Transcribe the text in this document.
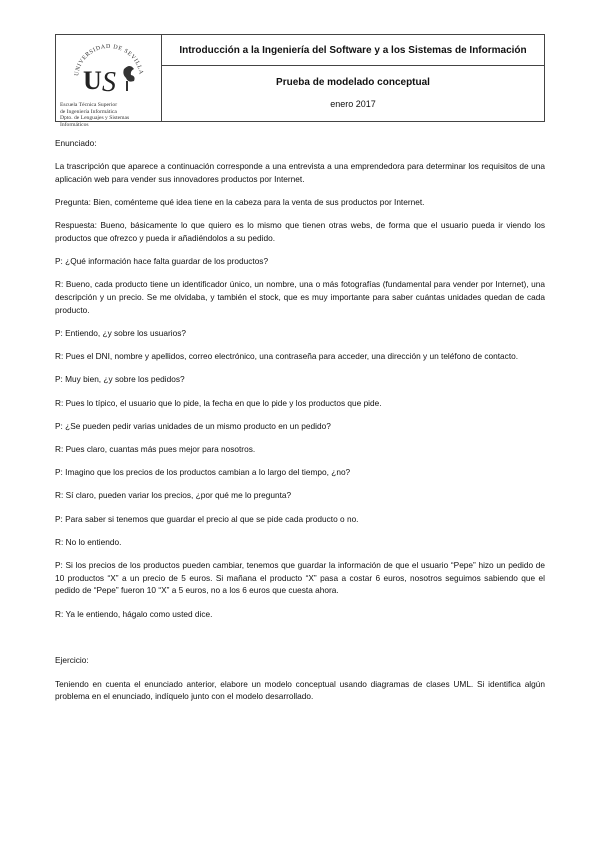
UNIVERSIDAD DE SEVILLA
U S
Escuela Técnica Superior
de Ingeniería Informática
Dpto. de Lenguajes y Sistemas
Informáticos
Introducción a la Ingeniería del Software y a los Sistemas de Información
Prueba de modelado conceptual
enero 2017

Enunciado:

La trascripción que aparece a continuación corresponde a una entrevista a una emprendedora para determinar los requisitos de una aplicación web para vender sus innovadores productos por Internet.

Pregunta: Bien, coménteme qué idea tiene en la cabeza para la venta de sus productos por Internet.

Respuesta: Bueno, básicamente lo que quiero es lo mismo que tienen otras webs, de forma que el usuario pueda ir viendo los productos que ofrezco y pueda ir añadiéndolos a su pedido.

P: ¿Qué información hace falta guardar de los productos?

R: Bueno, cada producto tiene un identificador único, un nombre, una o más fotografías (fundamental para vender por Internet), una descripción y un precio. Se me olvidaba, y también el stock, que es muy importante para saber cuántas unidades quedan de cada producto.

P: Entiendo, ¿y sobre los usuarios?

R: Pues el DNI, nombre y apellidos, correo electrónico, una contraseña para acceder, una dirección y un teléfono de contacto.

P: Muy bien, ¿y sobre los pedidos?

R: Pues lo típico, el usuario que lo pide, la fecha en que lo pide y los productos que pide.

P: ¿Se pueden pedir varias unidades de un mismo producto en un pedido?

R: Pues claro, cuantas más pues mejor para nosotros.

P: Imagino que los precios de los productos cambian a lo largo del tiempo, ¿no?

R: Sí claro, pueden variar los precios, ¿por qué me lo pregunta?

P: Para saber si tenemos que guardar el precio al que se pide cada producto o no.

R: No lo entiendo.

P: Si los precios de los productos pueden cambiar, tenemos que guardar la información de que el usuario “Pepe” hizo un pedido de 10 productos “X” a un precio de 5 euros. Si mañana el producto “X” pasa a costar 6 euros, nosotros seguimos sabiendo que el pedido de “Pepe” fueron 10 “X” a 5 euros, no a los 6 euros que cuesta ahora.

R: Ya le entiendo, hágalo como usted dice.

Ejercicio:

Teniendo en cuenta el enunciado anterior, elabore un modelo conceptual usando diagramas de clases UML. Si identifica algún problema en el enunciado, indíquelo junto con el modelo desarrollado.
